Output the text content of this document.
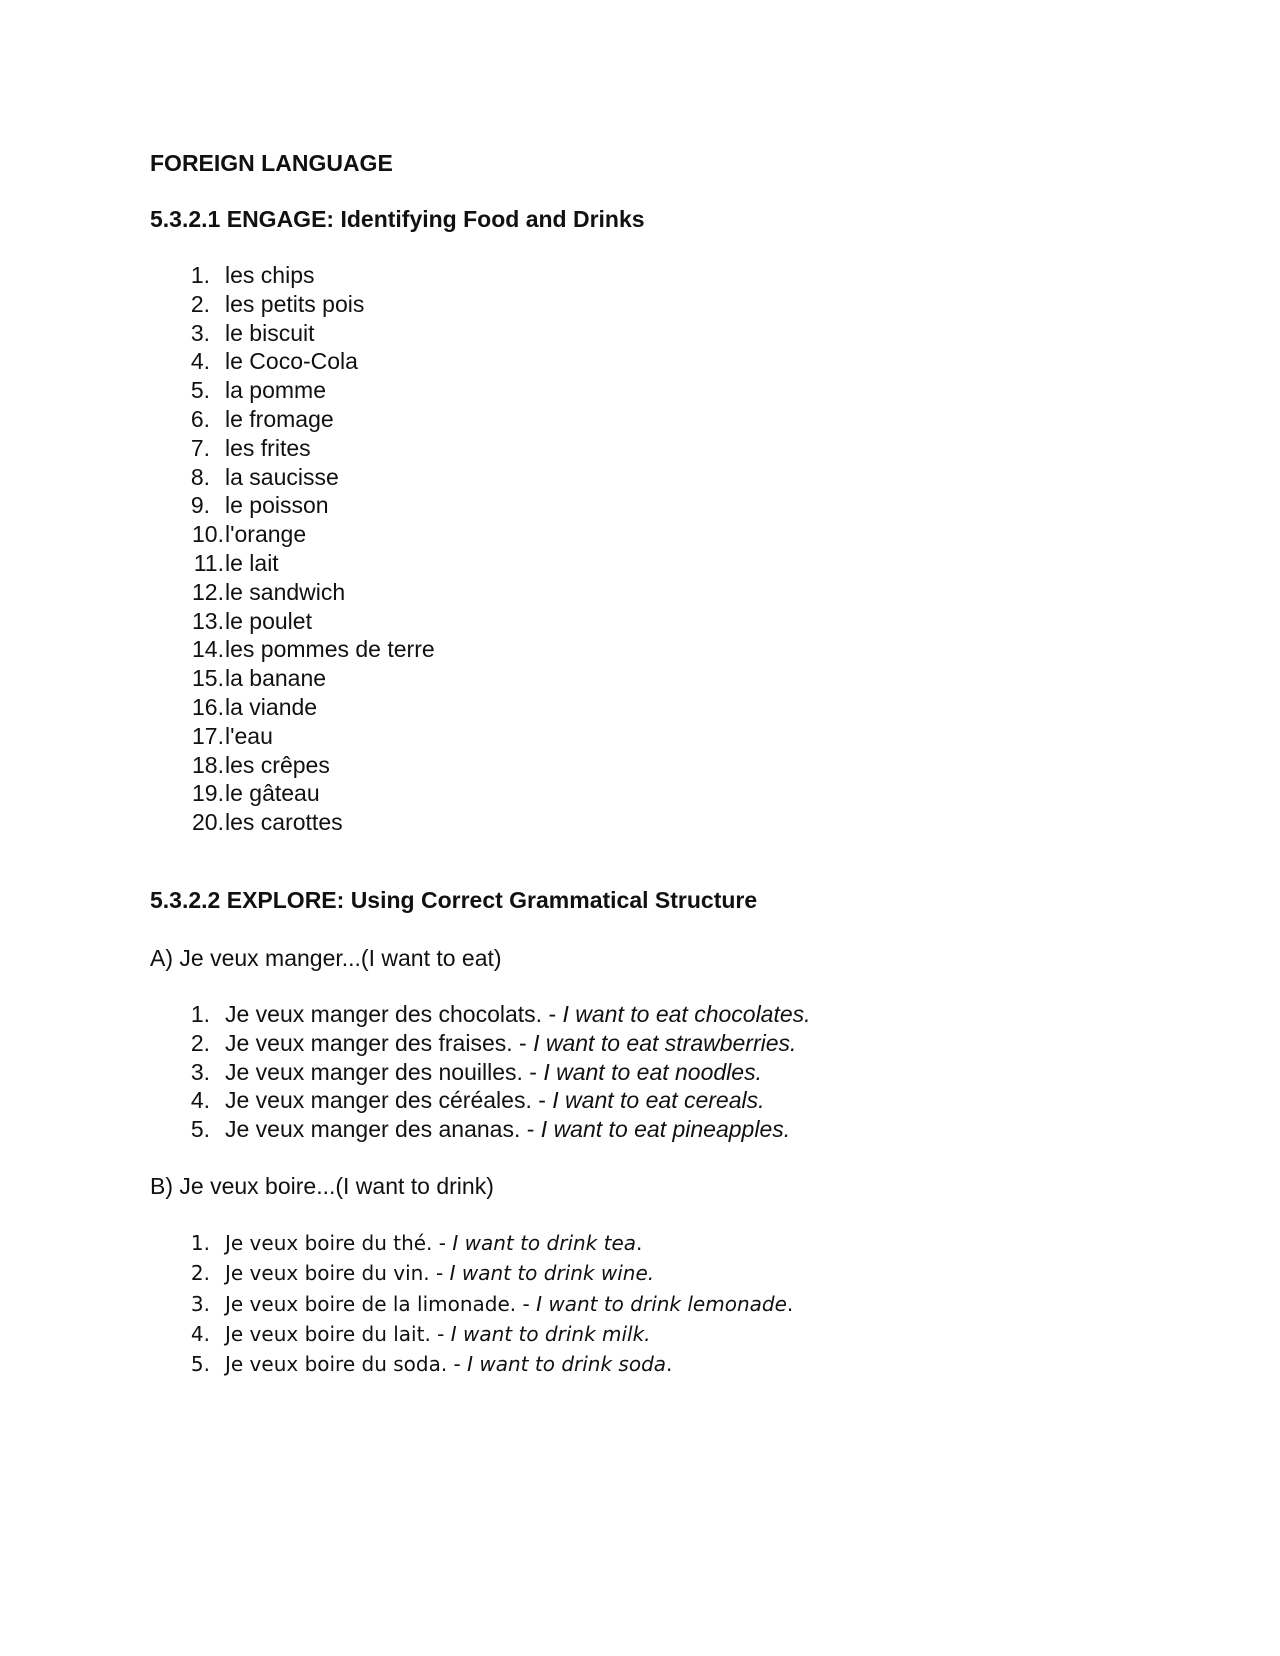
FOREIGN LANGUAGE

5.3.2.1 ENGAGE: Identifying Food and Drinks

1. les chips
2. les petits pois
3. le biscuit
4. le Coco-Cola
5. la pomme
6. le fromage
7. les frites
8. la saucisse
9. le poisson
10. l'orange
11. le lait
12. le sandwich
13. le poulet
14. les pommes de terre
15. la banane
16. la viande
17. l'eau
18. les crêpes
19. le gâteau
20. les carottes

5.3.2.2 EXPLORE: Using Correct Grammatical Structure

A) Je veux manger...(I want to eat)

1. Je veux manger des chocolats. - I want to eat chocolates.
2. Je veux manger des fraises. - I want to eat strawberries.
3. Je veux manger des nouilles. - I want to eat noodles.
4. Je veux manger des céréales. - I want to eat cereals.
5. Je veux manger des ananas. - I want to eat pineapples.

B) Je veux boire...(I want to drink)

1. Je veux boire du thé. - I want to drink tea.
2. Je veux boire du vin. - I want to drink wine.
3. Je veux boire de la limonade. - I want to drink lemonade.
4. Je veux boire du lait. - I want to drink milk.
5. Je veux boire du soda. - I want to drink soda.
